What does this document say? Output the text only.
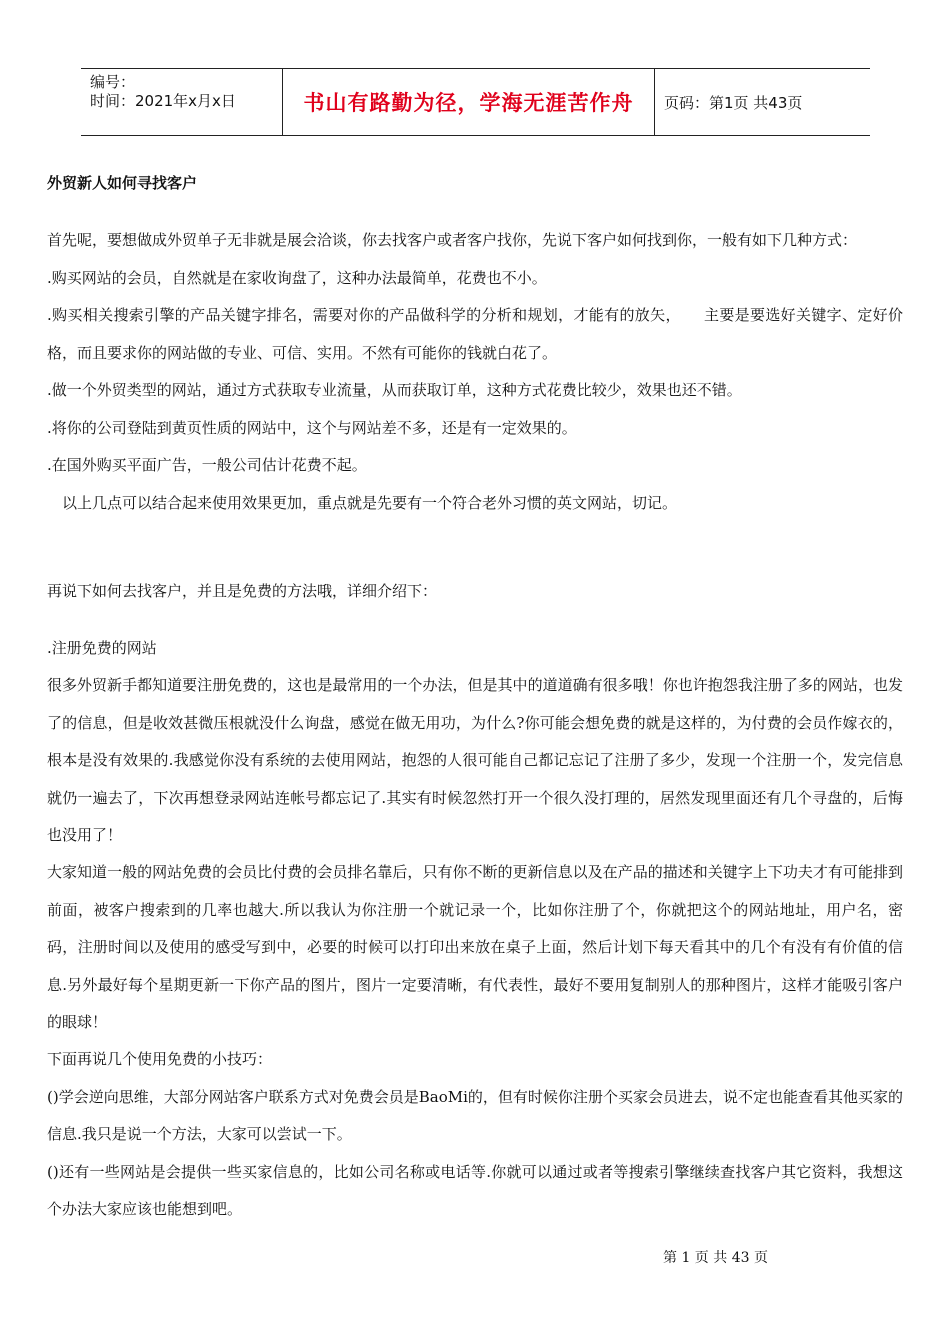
编号：
时间：2021年x月x日	书山有路勤为径，学海无涯苦作舟 页码：第1页 共43页
外贸新人如何寻找客户

首先呢，要想做成外贸单子无非就是展会洽谈，你去找客户或者客户找你，先说下客户如何找到你，一般有如下几种方式：

.购买网站的会员，自然就是在家收询盘了，这种办法最简单，花费也不小。

.购买相关搜索引擎的产品关键字排名，需要对你的产品做科学的分析和规划，才能有的放矢，　　主要是要选好关键字、定好价格，而且要求你的网站做的专业、可信、实用。不然有可能你的钱就白花了。

.做一个外贸类型的网站，通过方式获取专业流量，从而获取订单，这种方式花费比较少，效果也还不错。

.将你的公司登陆到黄页性质的网站中，这个与网站差不多，还是有一定效果的。

.在国外购买平面广告，一般公司估计花费不起。

　以上几点可以结合起来使用效果更加，重点就是先要有一个符合老外习惯的英文网站，切记。

再说下如何去找客户，并且是免费的方法哦，详细介绍下：

.注册免费的网站

很多外贸新手都知道要注册免费的，这也是最常用的一个办法，但是其中的道道确有很多哦！你也许抱怨我注册了多的网站，也发了的信息，但是收效甚微压根就没什么询盘，感觉在做无用功，为什么?你可能会想免费的就是这样的，为付费的会员作嫁衣的，根本是没有效果的.我感觉你没有系统的去使用网站，抱怨的人很可能自己都记忘记了注册了多少，发现一个注册一个，发完信息就仍一遍去了，下次再想登录网站连帐号都忘记了.其实有时候忽然打开一个很久没打理的，居然发现里面还有几个寻盘的，后悔也没用了！

大家知道一般的网站免费的会员比付费的会员排名靠后，只有你不断的更新信息以及在产品的描述和关键字上下功夫才有可能排到前面，被客户搜索到的几率也越大.所以我认为你注册一个就记录一个，比如你注册了个，你就把这个的网站地址，用户名，密码，注册时间以及使用的感受写到中，必要的时候可以打印出来放在桌子上面，然后计划下每天看其中的几个有没有有价值的信息.另外最好每个星期更新一下你产品的图片，图片一定要清晰，有代表性，最好不要用复制别人的那种图片，这样才能吸引客户的眼球！

下面再说几个使用免费的小技巧：

()学会逆向思维，大部分网站客户联系方式对免费会员是BaoMi的，但有时候你注册个买家会员进去，说不定也能查看其他买家的信息.我只是说一个方法，大家可以尝试一下。

()还有一些网站是会提供一些买家信息的，比如公司名称或电话等.你就可以通过或者等搜索引擎继续查找客户其它资料，我想这个办法大家应该也能想到吧。

第 1 页 共 43 页
